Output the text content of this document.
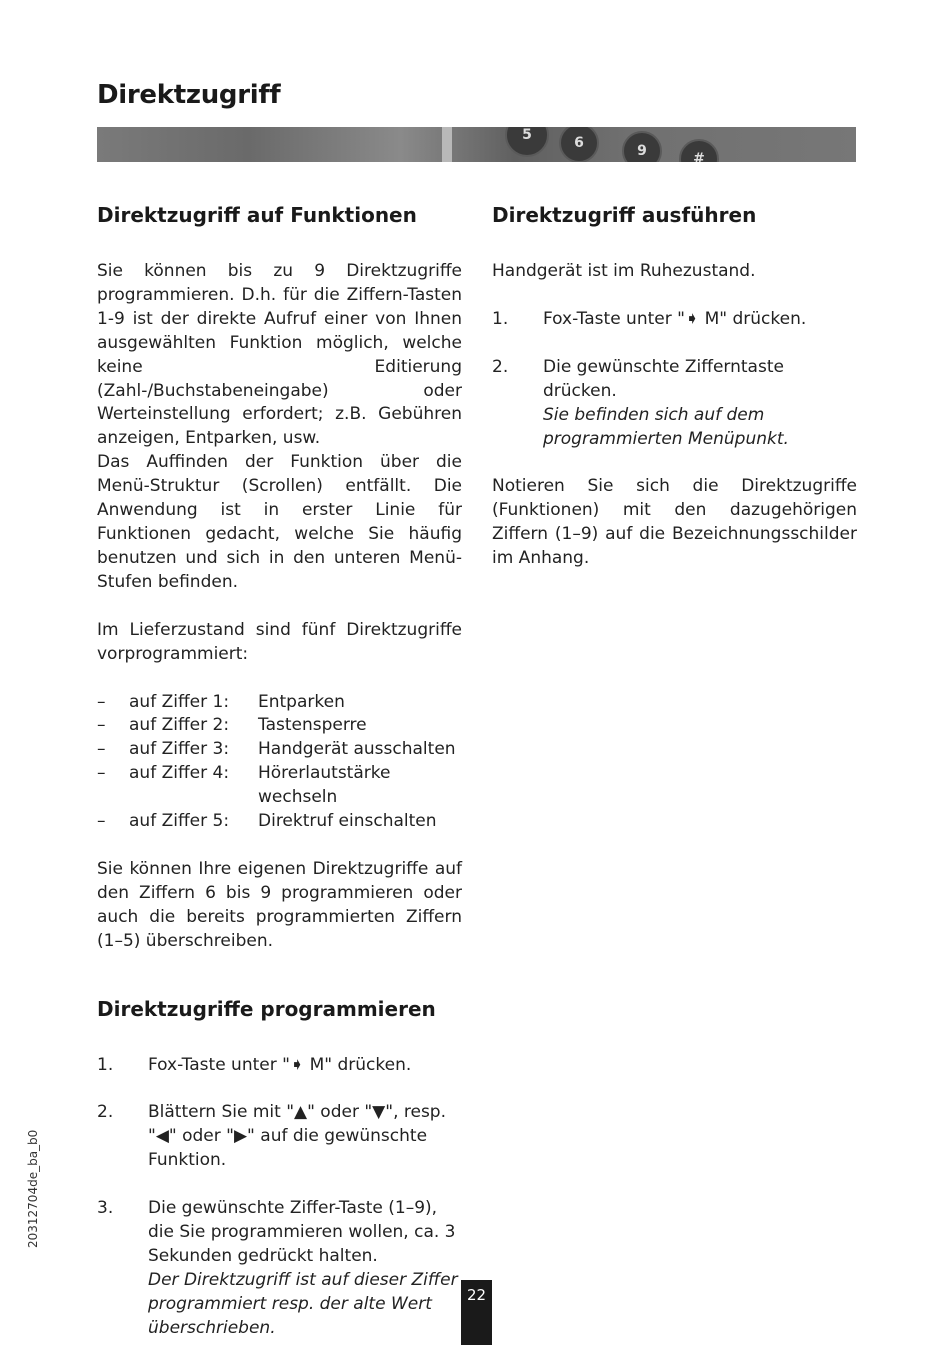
Direktzugriff
5	6	9	#
Direktzugriff auf Funktionen

Sie können bis zu 9 Direktzugriffe programmieren. D.h. für die Ziffern-Tasten 1-9 ist der direkte Aufruf einer von Ihnen ausgewählten Funktion möglich, welche keine Editierung (Zahl-/Buchstabeneingabe) oder Werteinstellung erfordert; z.B. Gebühren anzeigen, Entparken, usw.
Das Auffinden der Funktion über die Menü-Struktur (Scrollen) entfällt. Die Anwendung ist in erster Linie für Funktionen gedacht, welche Sie häufig benutzen und sich in den unteren Menü-Stufen befinden.

Im Lieferzustand sind fünf Direktzugriffe vorprogrammiert:

–	auf Ziffer 1:	Entparken
–	auf Ziffer 2:	Tastensperre
–	auf Ziffer 3:	Handgerät ausschalten
–	auf Ziffer 4:	Hörerlautstärke wechseln
–	auf Ziffer 5:	Direktruf einschalten

Sie können Ihre eigenen Direktzugriffe auf den Ziffern 6 bis 9 programmieren oder auch die bereits programmierten Ziffern (1–5) überschreiben.

Direktzugriffe programmieren
1.	Fox-Taste unter "➧ M" drücken.
2.	Blättern Sie mit "▲" oder "▼", resp. "◀" oder "▶" auf die gewünschte Funktion.
3.	Die gewünschte Ziffer-Taste (1–9), die Sie programmieren wollen, ca. 3 Sekunden gedrückt halten.
Der Direktzugriff ist auf dieser Ziffer programmiert resp. der alte Wert überschrieben.
Direktzugriff ausführen

Handgerät ist im Ruhezustand.

1.	Fox-Taste unter "➧ M" drücken.
2.	Die gewünschte Zifferntaste drücken.
Sie befinden sich auf dem programmierten Menüpunkt.

Notieren Sie sich die Direktzugriffe (Funktionen) mit den dazugehörigen Ziffern (1–9) auf die Bezeichnungsschilder im Anhang.

20312704de_ba_b0
22
